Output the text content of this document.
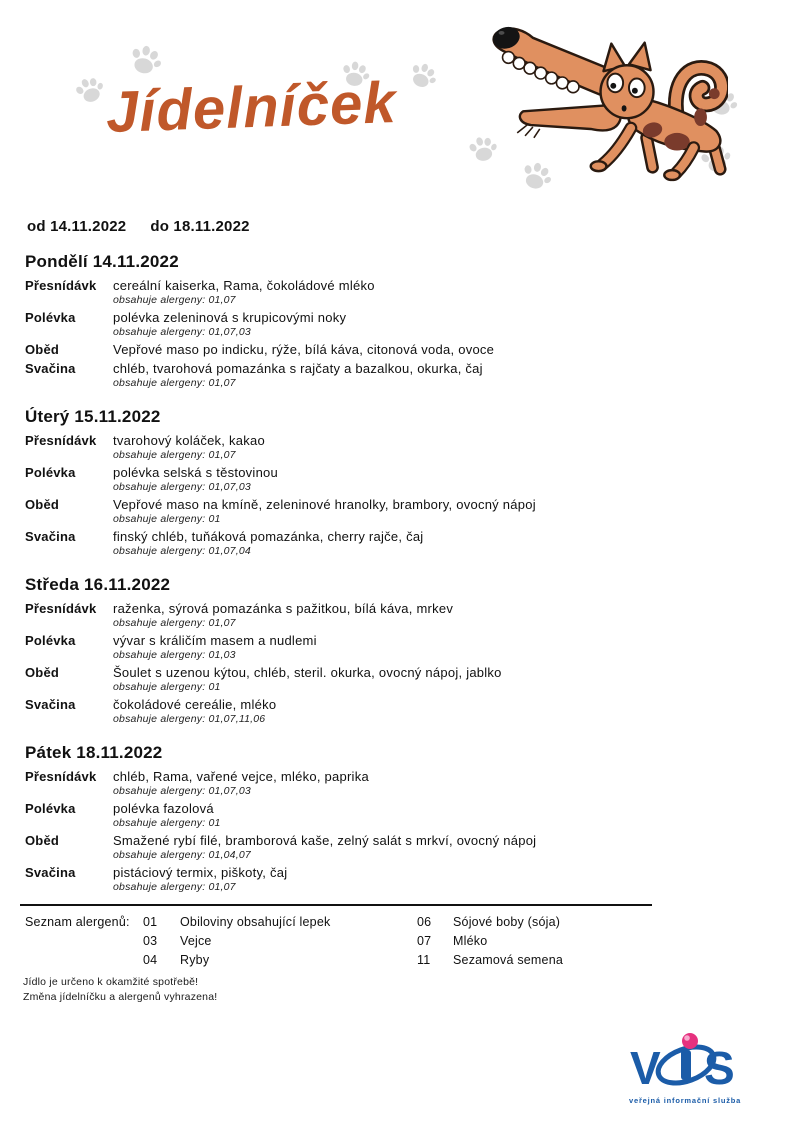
Jídelníček
od 14.11.2022 do 18.11.2022
Pondělí 14.11.2022
Přesnídávk	cereální kaiserka, Rama, čokoládové mléko
obsahuje alergeny: 01,07
Polévka	polévka zeleninová s krupicovými noky
obsahuje alergeny: 01,07,03
Oběd	Vepřové maso po indicku, rýže, bílá káva, citonová voda, ovoce
Svačina	chléb, tvarohová pomazánka s rajčaty a bazalkou, okurka, čaj
obsahuje alergeny: 01,07
Úterý 15.11.2022
Přesnídávk	tvarohový koláček, kakao
obsahuje alergeny: 01,07
Polévka	polévka selská s těstovinou
obsahuje alergeny: 01,07,03
Oběd	Vepřové maso na kmíně, zeleninové hranolky, brambory, ovocný nápoj
obsahuje alergeny: 01
Svačina	finský chléb, tuňáková pomazánka, cherry rajče, čaj
obsahuje alergeny: 01,07,04
Středa 16.11.2022
Přesnídávk	raženka, sýrová pomazánka s pažitkou, bílá káva, mrkev
obsahuje alergeny: 01,07
Polévka	vývar s králičím masem a nudlemi
obsahuje alergeny: 01,03
Oběd	Šoulet s uzenou kýtou, chléb, steril. okurka, ovocný nápoj, jablko
obsahuje alergeny: 01
Svačina	čokoládové cereálie, mléko
obsahuje alergeny: 01,07,11,06
Pátek 18.11.2022
Přesnídávk	chléb, Rama, vařené vejce, mléko, paprika
obsahuje alergeny: 01,07,03
Polévka	polévka fazolová
obsahuje alergeny: 01
Oběd	Smažené rybí filé, bramborová kaše, zelný salát s mrkví, ovocný nápoj
obsahuje alergeny: 01,04,07
Svačina	pistáciový termix, piškoty, čaj
obsahuje alergeny: 01,07
Seznam alergenů:	01	Obiloviny obsahující lepek	06	Sójové boby (sója)
03	Vejce	07	Mléko
04	Ryby	11	Sezamová semena
Jídlo je určeno k okamžité spotřebě!
Změna jídelníčku a alergenů vyhrazena!
V S
veřejná informační služba
